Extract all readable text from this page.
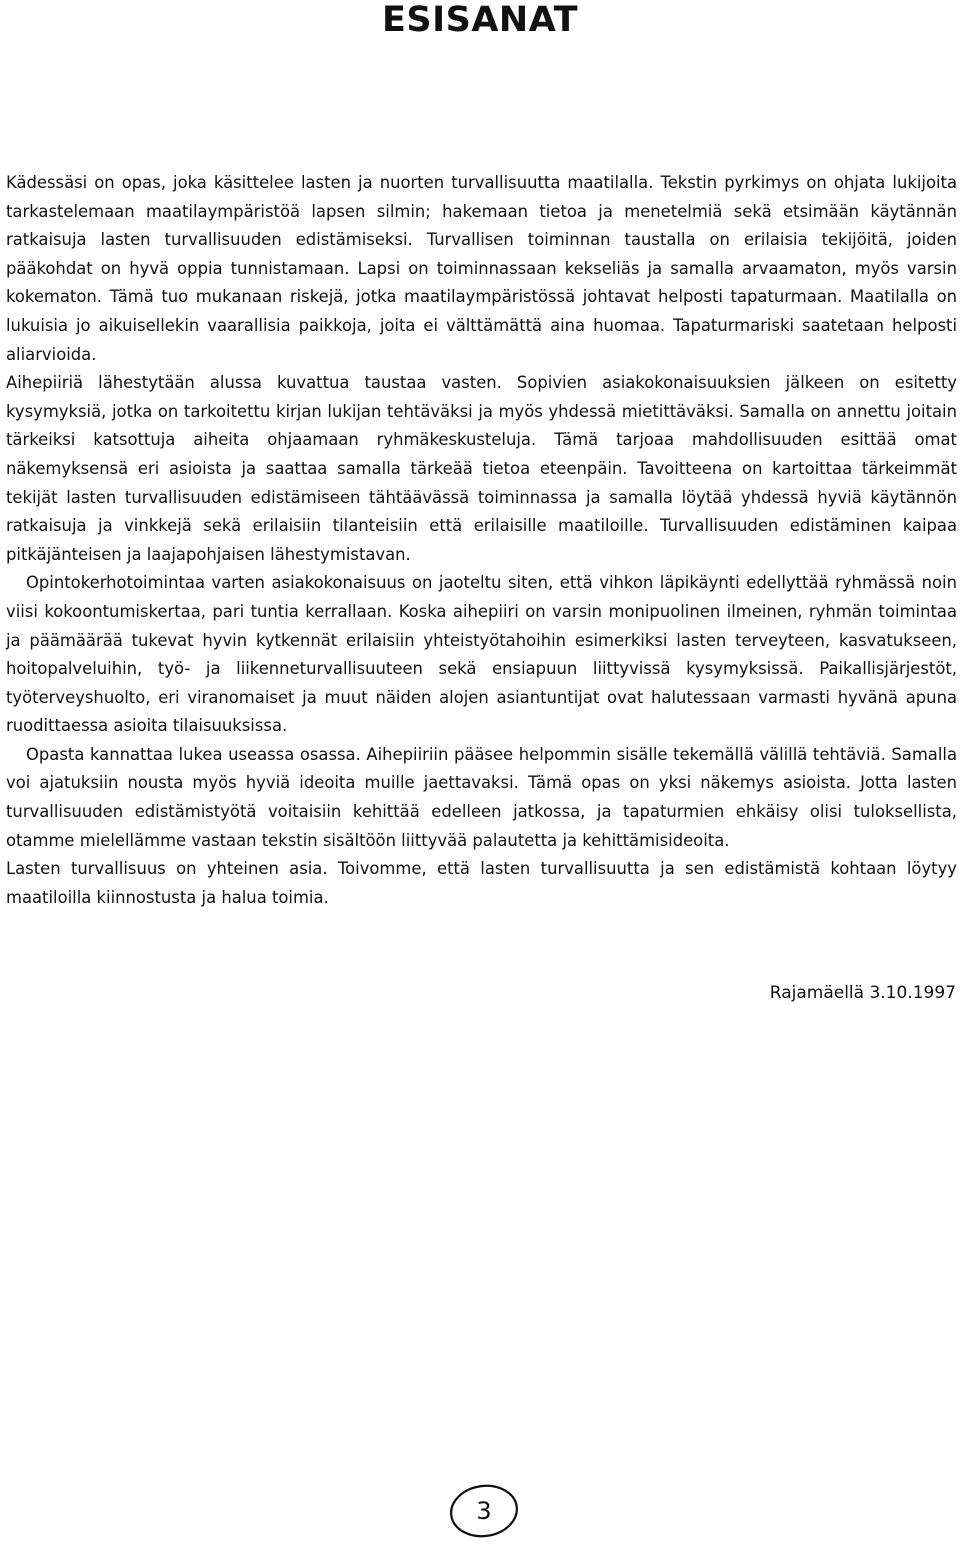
ESISANAT

Kädessäsi on opas, joka käsittelee lasten ja nuorten turvallisuutta maatilalla. Tekstin pyrkimys on ohjata lukijoita tarkastelemaan maatilaympäristöä lapsen silmin; hakemaan tietoa ja menetelmiä sekä etsimään käytännän ratkaisuja lasten turvallisuuden edistämiseksi. Turvallisen toiminnan taustalla on erilaisia tekijöitä, joiden pääkohdat on hyvä oppia tunnistamaan. Lapsi on toiminnassaan kekseliäs ja samalla arvaamaton, myös varsin kokematon. Tämä tuo mukanaan riskejä, jotka maatilaympäristössä johtavat helposti tapaturmaan. Maatilalla on lukuisia jo aikuisellekin vaarallisia paikkoja, joita ei välttämättä aina huomaa. Tapaturmariski saatetaan helposti aliarvioida.

Aihepiiriä lähestytään alussa kuvattua taustaa vasten. Sopivien asiakokonaisuuksien jälkeen on esitetty kysymyksiä, jotka on tarkoitettu kirjan lukijan tehtäväksi ja myös yhdessä mietittäväksi. Samalla on annettu joitain tärkeiksi katsottuja aiheita ohjaamaan ryhmäkeskusteluja. Tämä tarjoaa mahdollisuuden esittää omat näkemyksensä eri asioista ja saattaa samalla tärkeää tietoa eteenpäin. Tavoitteena on kartoittaa tärkeimmät tekijät lasten turvallisuuden edistämiseen tähtäävässä toiminnassa ja samalla löytää yhdessä hyviä käytännön ratkaisuja ja vinkkejä sekä erilaisiin tilanteisiin että erilaisille maatiloille. Turvallisuuden edistäminen kaipaa pitkäjänteisen ja laajapohjaisen lähestymistavan.

Opintokerhotoimintaa varten asiakokonaisuus on jaoteltu siten, että vihkon läpikäynti edellyttää ryhmässä noin viisi kokoontumiskertaa, pari tuntia kerrallaan. Koska aihepiiri on varsin monipuolinen ilmeinen, ryhmän toimintaa ja päämäärää tukevat hyvin kytkennät erilaisiin yhteistyötahoihin esimerkiksi lasten terveyteen, kasvatukseen, hoitopalveluihin, työ- ja liikenneturvallisuuteen sekä ensiapuun liittyvissä kysymyksissä. Paikallisjärjestöt, työterveyshuolto, eri viranomaiset ja muut näiden alojen asiantuntijat ovat halutessaan varmasti hyvänä apuna ruodittaessa asioita tilaisuuksissa.

Opasta kannattaa lukea useassa osassa. Aihepiiriin pääsee helpommin sisälle tekemällä välillä tehtäviä. Samalla voi ajatuksiin nousta myös hyviä ideoita muille jaettavaksi. Tämä opas on yksi näkemys asioista. Jotta lasten turvallisuuden edistämistyötä voitaisiin kehittää edelleen jatkossa, ja tapaturmien ehkäisy olisi tuloksellista, otamme mielellämme vastaan tekstin sisältöön liittyvää palautetta ja kehittämisideoita.

Lasten turvallisuus on yhteinen asia. Toivomme, että lasten turvallisuutta ja sen edistämistä kohtaan löytyy maatiloilla kiinnostusta ja halua toimia.

Rajamäellä 3.10.1997

3
